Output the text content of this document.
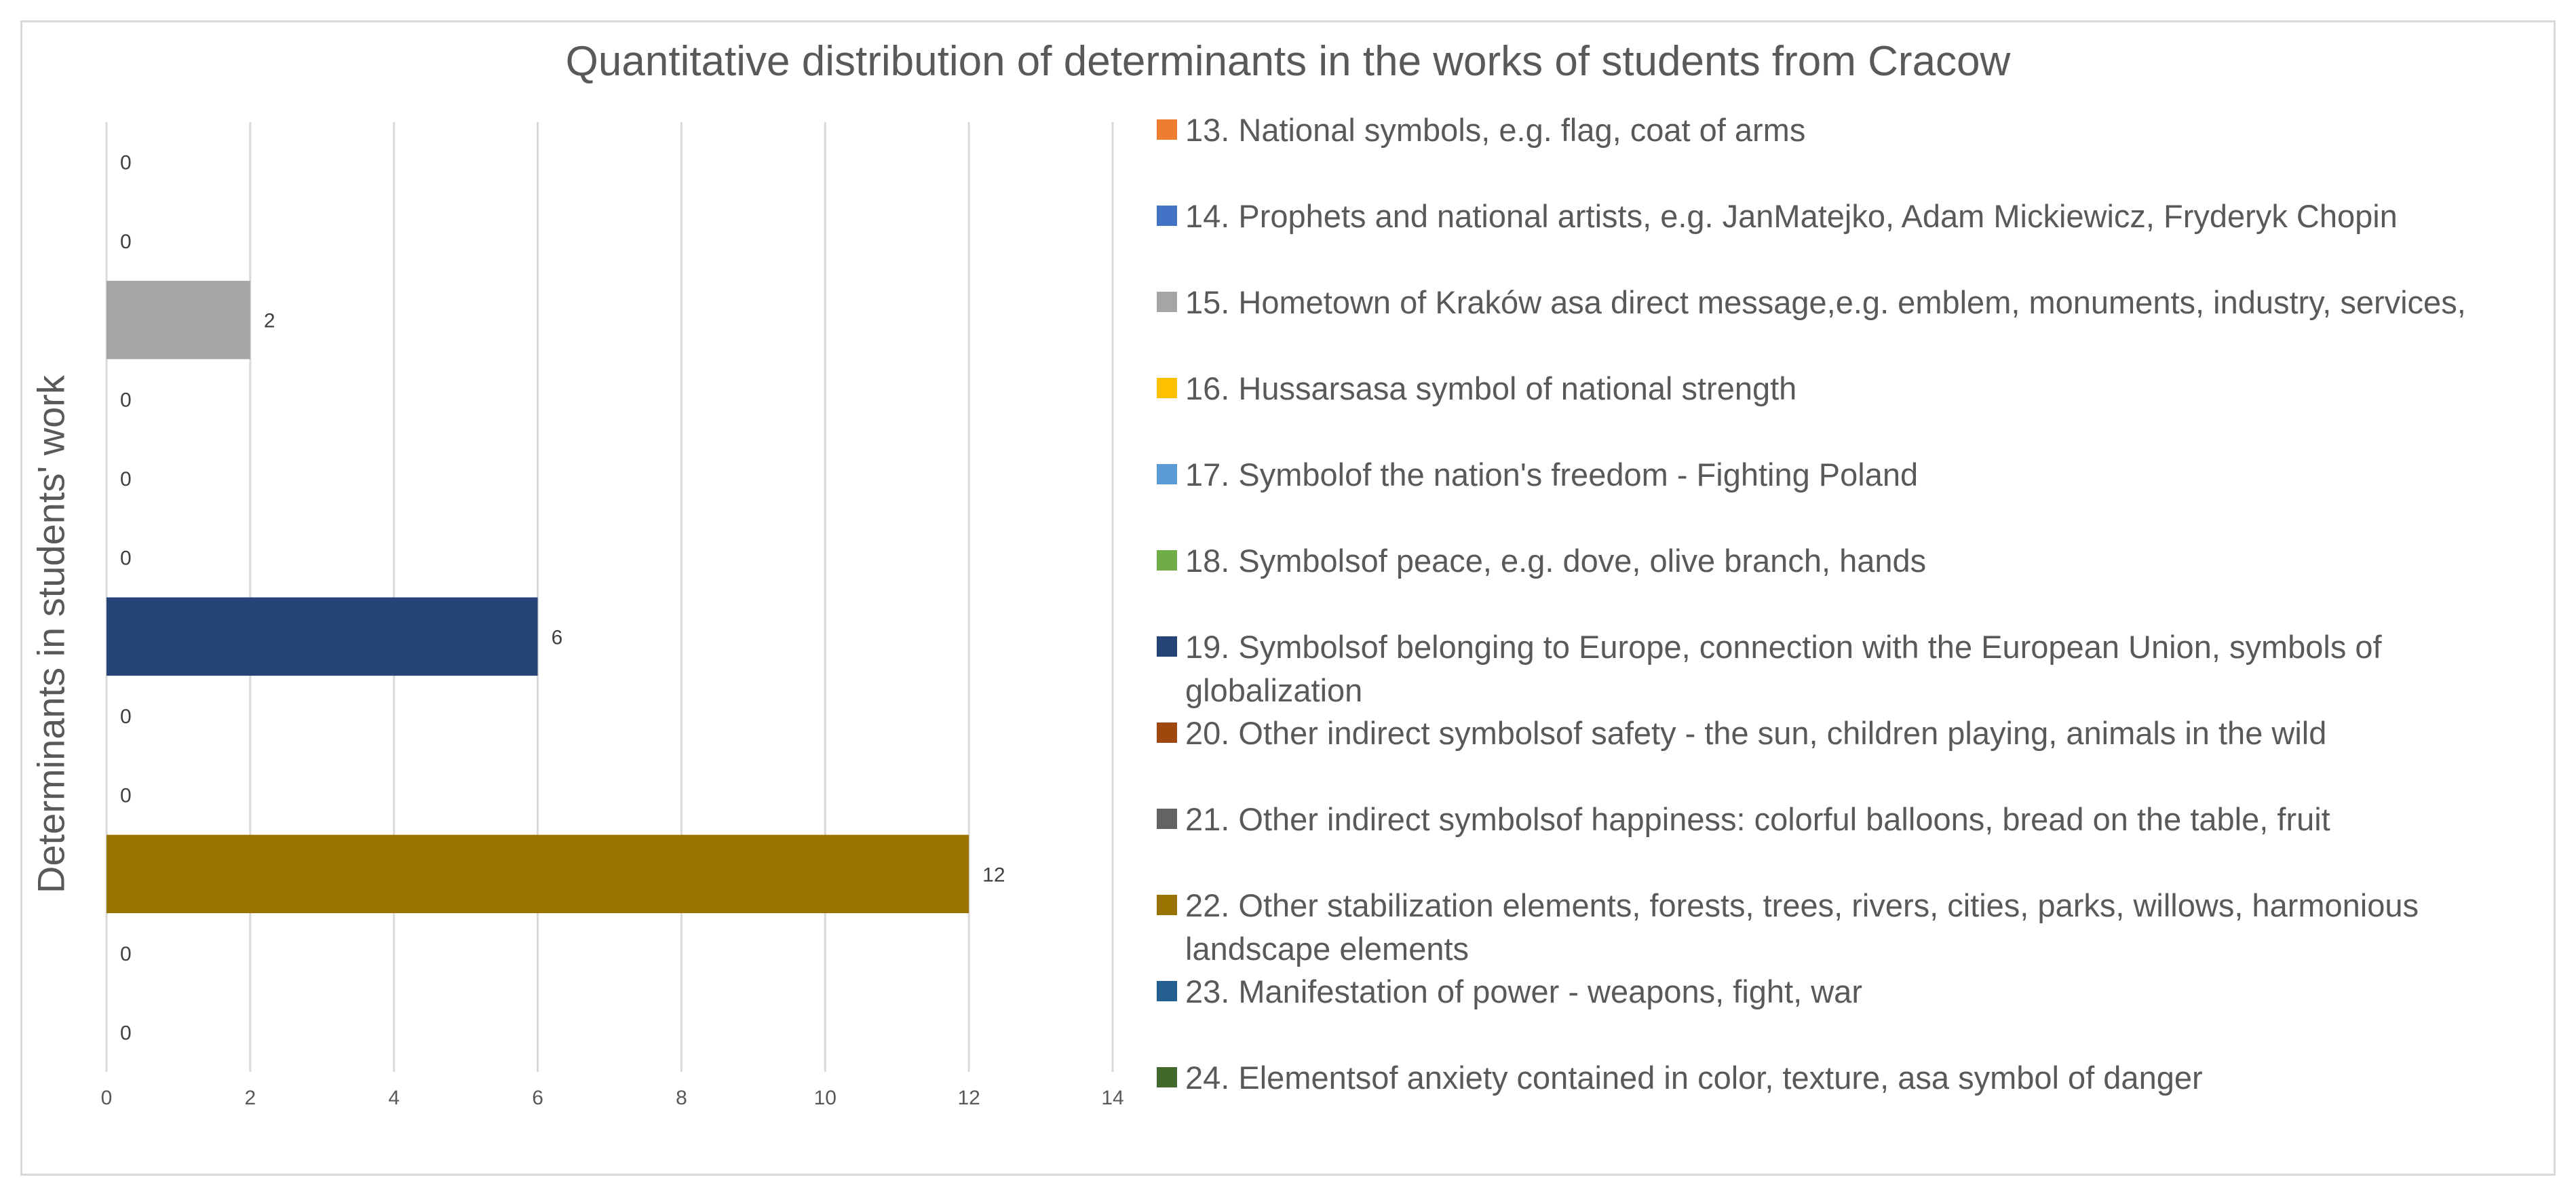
Quantitative distribution of determinants in the works of students from Cracow
Determinants in students' work
0
0
2
0
0
0
6
0
0
12
0
0
0	2	4	6	8	10	12	14
13. National symbols, e.g. flag, coat of arms
14. Prophets and national artists, e.g. JanMatejko, Adam Mickiewicz, Fryderyk Chopin
15. Hometown of Kraków asa direct message,e.g. emblem, monuments, industry, services,
16. Hussarsasa symbol of national strength
17. Symbolof the nation's freedom - Fighting Poland
18. Symbolsof peace, e.g. dove, olive branch, hands
19. Symbolsof belonging to Europe, connection with the European Union, symbols of globalization
20. Other indirect symbolsof safety - the sun, children playing, animals in the wild
21. Other indirect symbolsof happiness: colorful balloons, bread on the table, fruit
22. Other stabilization elements, forests, trees, rivers, cities, parks, willows, harmonious landscape elements
23. Manifestation of power - weapons, fight, war
24. Elementsof anxiety contained in color, texture, asa symbol of danger
